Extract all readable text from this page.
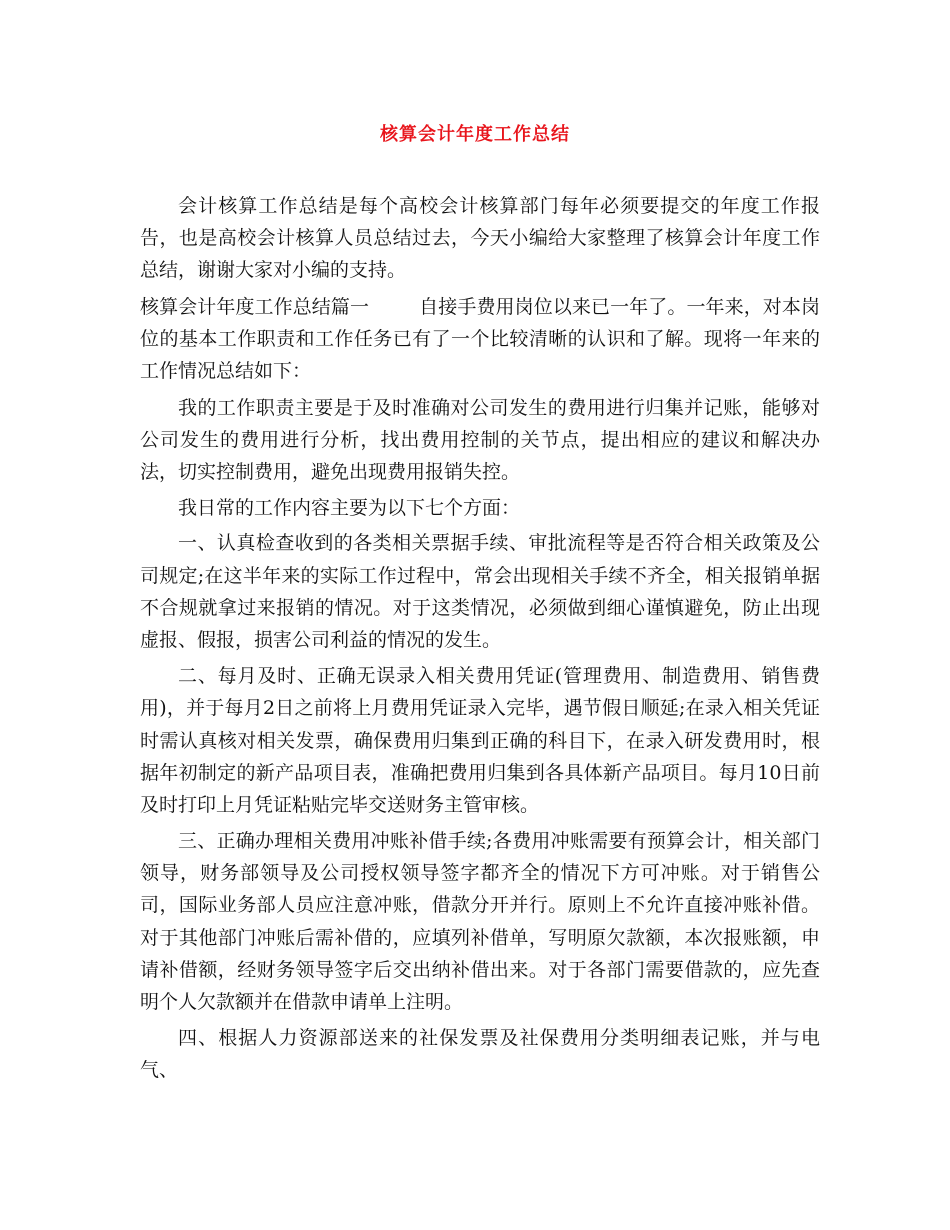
核算会计年度工作总结

会计核算工作总结是每个高校会计核算部门每年必须要提交的年度工作报告，也是高校会计核算人员总结过去，今天小编给大家整理了核算会计年度工作总结，谢谢大家对小编的支持。

核算会计年度工作总结篇一	自接手费用岗位以来已一年了。一年来，对本岗位的基本工作职责和工作任务已有了一个比较清晰的认识和了解。现将一年来的工作情况总结如下：

我的工作职责主要是于及时准确对公司发生的费用进行归集并记账，能够对公司发生的费用进行分析，找出费用控制的关节点，提出相应的建议和解决办法，切实控制费用，避免出现费用报销失控。

我日常的工作内容主要为以下七个方面：

一、认真检查收到的各类相关票据手续、审批流程等是否符合相关政策及公司规定;在这半年来的实际工作过程中，常会出现相关手续不齐全，相关报销单据不合规就拿过来报销的情况。对于这类情况，必须做到细心谨慎避免，防止出现虚报、假报，损害公司利益的情况的发生。

二、每月及时、正确无误录入相关费用凭证(管理费用、制造费用、销售费用)，并于每月2日之前将上月费用凭证录入完毕，遇节假日顺延;在录入相关凭证时需认真核对相关发票，确保费用归集到正确的科目下，在录入研发费用时，根据年初制定的新产品项目表，准确把费用归集到各具体新产品项目。每月10日前及时打印上月凭证粘贴完毕交送财务主管审核。

三、正确办理相关费用冲账补借手续;各费用冲账需要有预算会计，相关部门领导，财务部领导及公司授权领导签字都齐全的情况下方可冲账。对于销售公司，国际业务部人员应注意冲账，借款分开并行。原则上不允许直接冲账补借。对于其他部门冲账后需补借的，应填列补借单，写明原欠款额，本次报账额，申请补借额，经财务领导签字后交出纳补借出来。对于各部门需要借款的，应先查明个人欠款额并在借款申请单上注明。

四、根据人力资源部送来的社保发票及社保费用分类明细表记账，并与电气、
